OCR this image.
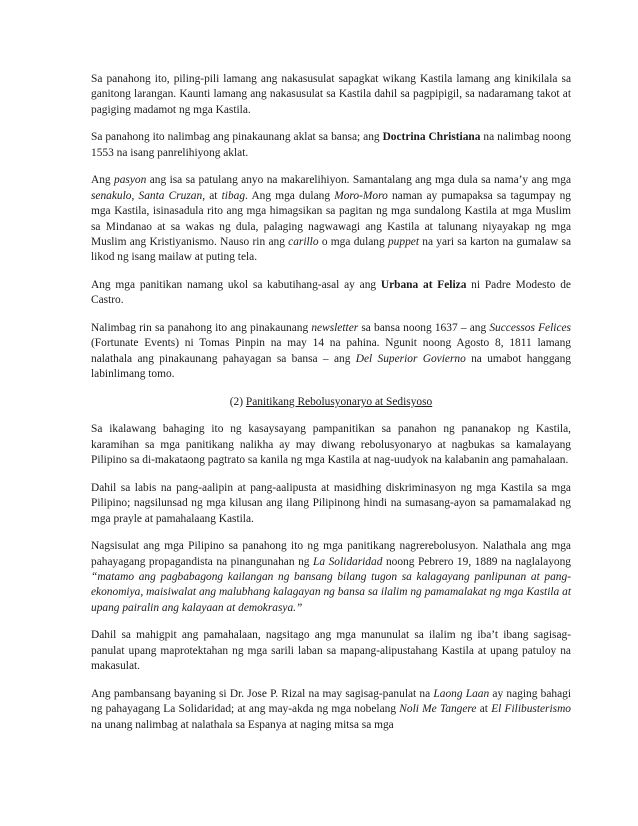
Sa panahong ito, piling-pili lamang ang nakasusulat sapagkat wikang Kastila lamang ang kinikilala sa ganitong larangan. Kaunti lamang ang nakasusulat sa Kastila dahil sa pagpipigil, sa nadaramang takot at pagiging madamot ng mga Kastila.

Sa panahong ito nalimbag ang pinakaunang aklat sa bansa; ang Doctrina Christiana na nalimbag noong 1553 na isang panrelihiyong aklat.

Ang pasyon ang isa sa patulang anyo na makarelihiyon. Samantalang ang mga dula sa nama’y ang mga senakulo, Santa Cruzan, at tibag. Ang mga dulang Moro-Moro naman ay pumapaksa sa tagumpay ng mga Kastila, isinasadula rito ang mga himagsikan sa pagitan ng mga sundalong Kastila at mga Muslim sa Mindanao at sa wakas ng dula, palaging nagwawagi ang Kastila at talunang niyayakap ng mga Muslim ang Kristiyanismo. Nauso rin ang carillo o mga dulang puppet na yari sa karton na gumalaw sa likod ng isang mailaw at puting tela.

Ang mga panitikan namang ukol sa kabutihang-asal ay ang Urbana at Feliza ni Padre Modesto de Castro.

Nalimbag rin sa panahong ito ang pinakaunang newsletter sa bansa noong 1637 – ang Successos Felices (Fortunate Events) ni Tomas Pinpin na may 14 na pahina. Ngunit noong Agosto 8, 1811 lamang nalathala ang pinakaunang pahayagan sa bansa – ang Del Superior Govierno na umabot hanggang labinlimang tomo.

(2) Panitikang Rebolusyonaryo at Sedisyoso

Sa ikalawang bahaging ito ng kasaysayang pampanitikan sa panahon ng pananakop ng Kastila, karamihan sa mga panitikang nalikha ay may diwang rebolusyonaryo at nagbukas sa kamalayang Pilipino sa di-makataong pagtrato sa kanila ng mga Kastila at nag-uudyok na kalabanin ang pamahalaan.

Dahil sa labis na pang-aalipin at pang-aalipusta at masidhing diskriminasyon ng mga Kastila sa mga Pilipino; nagsilunsad ng mga kilusan ang ilang Pilipinong hindi na sumasang-ayon sa pamamalakad ng mga prayle at pamahalaang Kastila.

Nagsisulat ang mga Pilipino sa panahong ito ng mga panitikang nagrerebolusyon. Nalathala ang mga pahayagang propagandista na pinangunahan ng La Solidaridad noong Pebrero 19, 1889 na naglalayong “matamo ang pagbabagong kailangan ng bansang bilang tugon sa kalagayang panlipunan at pang-ekonomiya, maisiwalat ang malubhang kalagayan ng bansa sa ilalim ng pamamalakat ng mga Kastila at upang pairalin ang kalayaan at demokrasya.”

Dahil sa mahigpit ang pamahalaan, nagsitago ang mga manunulat sa ilalim ng iba’t ibang sagisag-panulat upang maprotektahan ng mga sarili laban sa mapang-alipustahang Kastila at upang patuloy na makasulat.

Ang pambansang bayaning si Dr. Jose P. Rizal na may sagisag-panulat na Laong Laan ay naging bahagi ng pahayagang La Solidaridad; at ang may-akda ng mga nobelang Noli Me Tangere at El Filibusterismo na unang nalimbag at nalathala sa Espanya at naging mitsa sa mga
